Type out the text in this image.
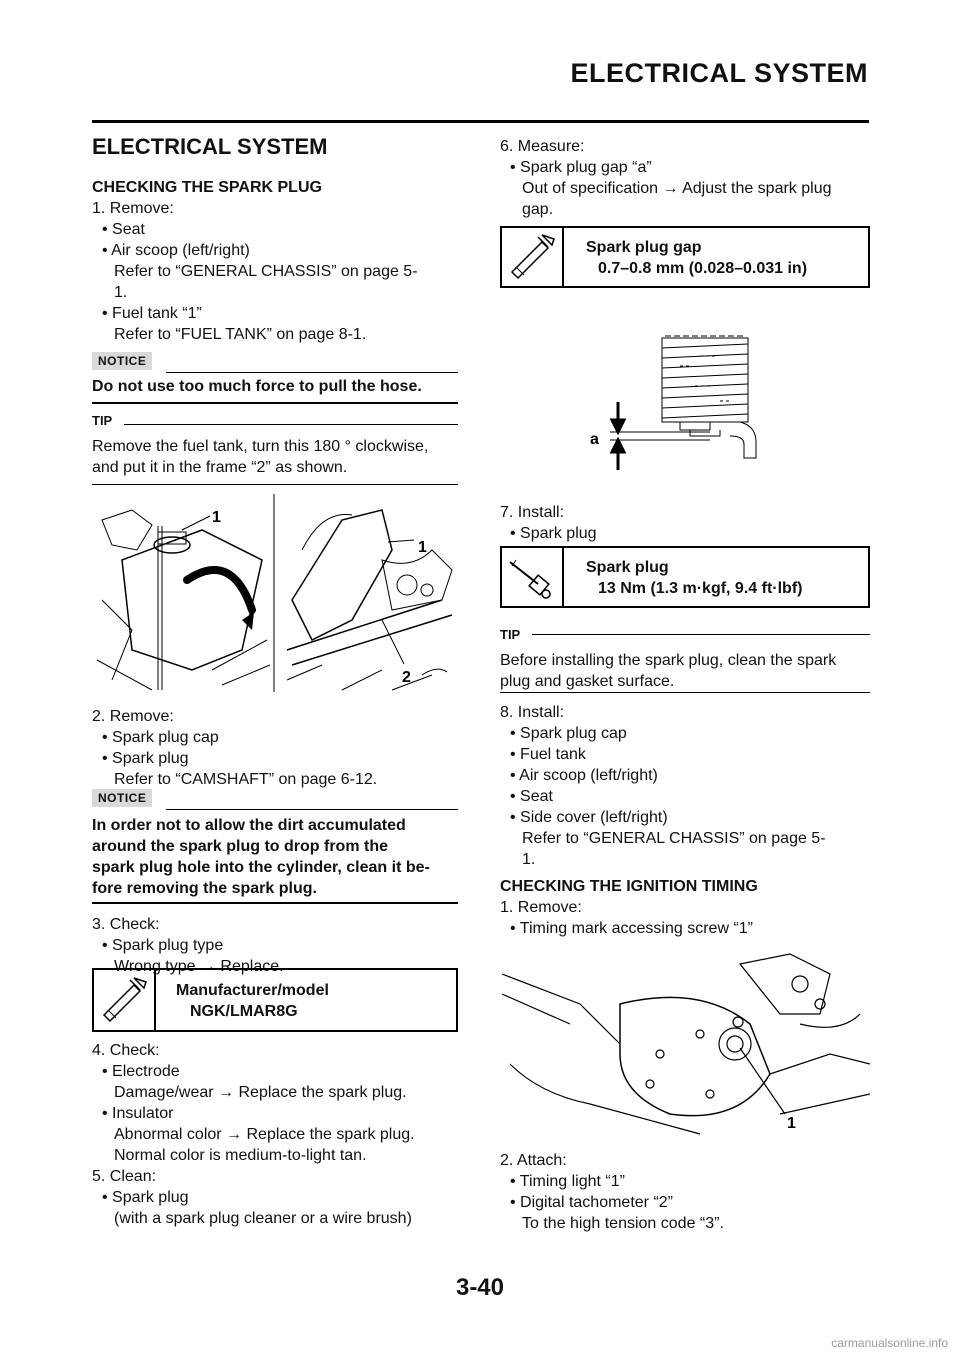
ELECTRICAL SYSTEM
ELECTRICAL SYSTEM
CHECKING THE SPARK PLUG
1. Remove:
• Seat
• Air scoop (left/right)
Refer to “GENERAL CHASSIS” on page 5-
1.
• Fuel tank “1”
Refer to “FUEL TANK” on page 8-1.
NOTICE
Do not use too much force to pull the hose.
TIP
Remove the fuel tank, turn this 180 ° clockwise,
and put it in the frame “2” as shown.
1
1
2
2. Remove:
• Spark plug cap
• Spark plug
Refer to “CAMSHAFT” on page 6-12.
NOTICE
In order not to allow the dirt accumulated
around the spark plug to drop from the
spark plug hole into the cylinder, clean it be-
fore removing the spark plug.
3. Check:
• Spark plug type
Wrong type → Replace.
Manufacturer/model
NGK/LMAR8G
4. Check:
• Electrode
Damage/wear → Replace the spark plug.
• Insulator
Abnormal color → Replace the spark plug.
Normal color is medium-to-light tan.
5. Clean:
• Spark plug
(with a spark plug cleaner or a wire brush)
6. Measure:
• Spark plug gap “a”
Out of specification → Adjust the spark plug
gap.
Spark plug gap
0.7–0.8 mm (0.028–0.031 in)
a
7. Install:
• Spark plug
Spark plug
13 Nm (1.3 m·kgf, 9.4 ft·lbf)
TIP
Before installing the spark plug, clean the spark
plug and gasket surface.
8. Install:
• Spark plug cap
• Fuel tank
• Air scoop (left/right)
• Seat
• Side cover (left/right)
Refer to “GENERAL CHASSIS” on page 5-
1.
CHECKING THE IGNITION TIMING
1. Remove:
• Timing mark accessing screw “1”
1
2. Attach:
• Timing light “1”
• Digital tachometer “2”
To the high tension code “3”.
3-40
carmanualsonline.info
